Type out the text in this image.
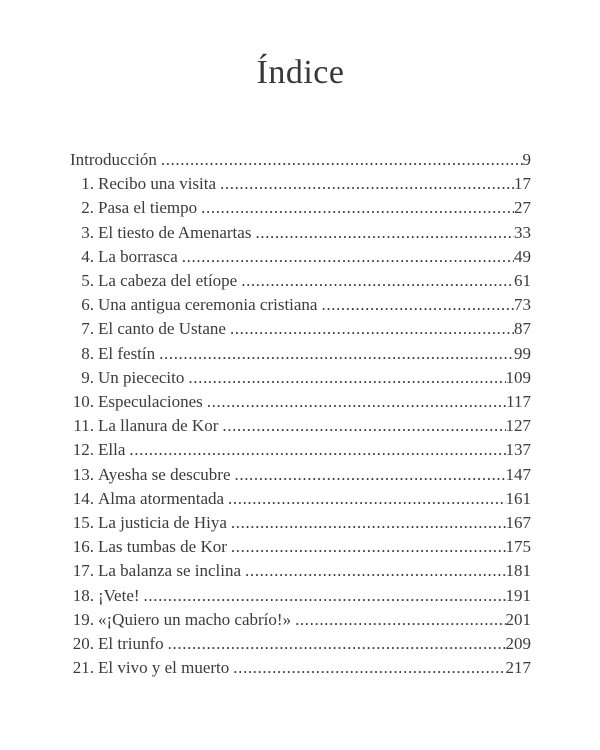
Índice
Introducción .....	9
1. Recibo una visita .....	17
2. Pasa el tiempo .....	27
3. El tiesto de Amenartas .....	33
4. La borrasca .....	49
5. La cabeza del etíope .....	61
6. Una antigua ceremonia cristiana .....	73
7. El canto de Ustane .....	87
8. El festín .....	99
9. Un piececito .....	109
10. Especulaciones .....	117
11. La llanura de Kor .....	127
12. Ella .....	137
13. Ayesha se descubre .....	147
14. Alma atormentada .....	161
15. La justicia de Hiya .....	167
16. Las tumbas de Kor .....	175
17. La balanza se inclina .....	181
18. ¡Vete! .....	191
19. «¡Quiero un macho cabrío!» .....	201
20. El triunfo .....	209
21. El vivo y el muerto .....	217
